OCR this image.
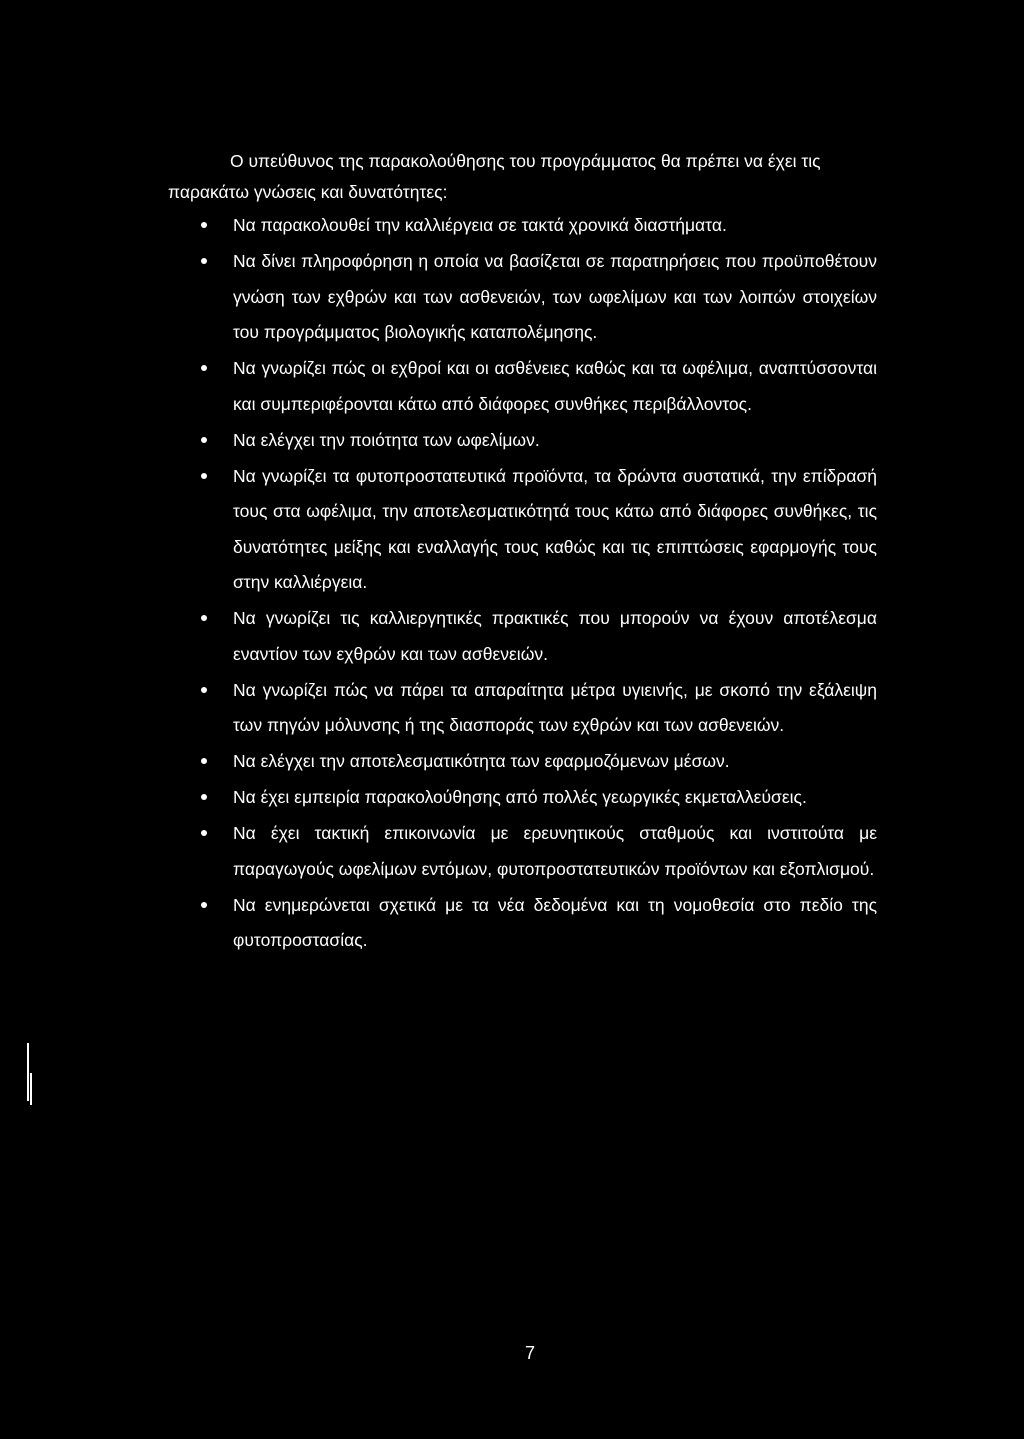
Ο υπεύθυνος της παρακολούθησης του προγράμματος θα πρέπει να έχει τις παρακάτω γνώσεις και δυνατότητες:

Να παρακολουθεί την καλλιέργεια σε τακτά χρονικά διαστήματα.
Να δίνει πληροφόρηση η οποία να βασίζεται σε παρατηρήσεις που προϋποθέτουν γνώση των εχθρών και των ασθενειών, των ωφελίμων και των λοιπών στοιχείων του προγράμματος βιολογικής καταπολέμησης.
Να γνωρίζει πώς οι εχθροί και οι ασθένειες καθώς και τα ωφέλιμα, αναπτύσσονται και συμπεριφέρονται κάτω από διάφορες συνθήκες περιβάλλοντος.
Να ελέγχει την ποιότητα των ωφελίμων.
Να γνωρίζει τα φυτοπροστατευτικά προϊόντα, τα δρώντα συστατικά, την επίδρασή τους στα ωφέλιμα, την αποτελεσματικότητά τους κάτω από διάφορες συνθήκες, τις δυνατότητες μείξης και εναλλαγής τους καθώς και τις επιπτώσεις εφαρμογής τους στην καλλιέργεια.
Να γνωρίζει τις καλλιεργητικές πρακτικές που μπορούν να έχουν αποτέλεσμα εναντίον των εχθρών και των ασθενειών.
Να γνωρίζει πώς να πάρει τα απαραίτητα μέτρα υγιεινής, με σκοπό την εξάλειψη των πηγών μόλυνσης ή της διασποράς των εχθρών και των ασθενειών.
Να ελέγχει την αποτελεσματικότητα των εφαρμοζόμενων μέσων.
Να έχει εμπειρία παρακολούθησης από πολλές γεωργικές εκμεταλλεύσεις.
Να έχει τακτική επικοινωνία με ερευνητικούς σταθμούς και ινστιτούτα με παραγωγούς ωφελίμων εντόμων, φυτοπροστατευτικών προϊόντων και εξοπλισμού.
Να ενημερώνεται σχετικά με τα νέα δεδομένα και τη νομοθεσία στο πεδίο της φυτοπροστασίας.
7
